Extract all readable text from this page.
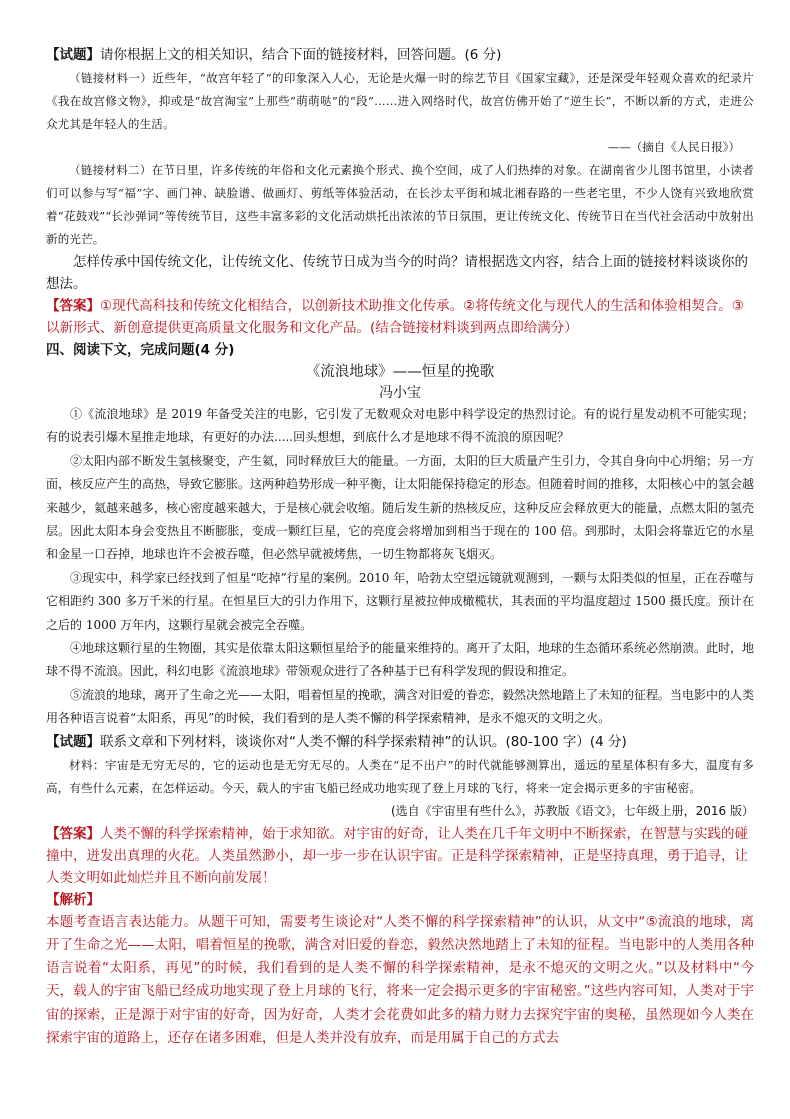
【试题】请你根据上文的相关知识，结合下面的链接材料，回答问题。(6 分)

（链接材料一）近些年，“故宫年轻了”的印象深入人心，无论是火爆一时的综艺节目《国家宝藏》，还是深受年轻观众喜欢的纪录片《我在故宫修文物》，抑或是“故宫淘宝”上那些“萌萌哒”的“段”……进入网络时代，故宫仿佛开始了“逆生长”，不断以新的方式，走进公众尤其是年轻人的生活。

——（摘自《人民日报》）

（链接材料二）在节日里，许多传统的年俗和文化元素换个形式、换个空间，成了人们热捧的对象。在湖南省少儿图书馆里，小读者们可以参与写“福”字、画门神、缺脸谱、做画灯、剪纸等体验活动，在长沙太平街和城北湘春路的一些老宅里，不少人饶有兴致地欣赏着“花鼓戏”“长沙弹词”等传统节目，这些丰富多彩的文化活动烘托出浓浓的节日氛围，更让传统文化、传统节日在当代社会活动中放射出新的光芒。

怎样传承中国传统文化，让传统文化、传统节日成为当今的时尚？请根据选文内容，结合上面的链接材料谈谈你的想法。

【答案】①现代高科技和传统文化相结合，以创新技术助推文化传承。②将传统文化与现代人的生活和体验相契合。③以新形式、新创意提供更高质量文化服务和文化产品。(结合链接材料谈到两点即给满分）

四、阅读下文，完成问题(4 分)

《流浪地球》——恒星的挽歌

冯小宝

①《流浪地球》是 2019 年备受关注的电影，它引发了无数观众对电影中科学设定的热烈讨论。有的说行星发动机不可能实现；有的说表引爆木星推走地球，有更好的办法.....回头想想，到底什么才是地球不得不流浪的原因呢？

②太阳内部不断发生氢核聚变，产生氦，同时释放巨大的能量。一方面，太阳的巨大质量产生引力，令其自身向中心坍缩；另一方面，核反应产生的高热，导致它膨胀。这两种趋势形成一种平衡，让太阳能保持稳定的形态。但随着时间的推移，太阳核心中的氢会越来越少，氦越来越多，核心密度越来越大，于是核心就会收缩。随后发生新的热核反应，这种反应会释放更大的能量，点燃太阳的氢壳层。因此太阳本身会变热且不断膨胀，变成一颗红巨星，它的亮度会将增加到相当于现在的 100 倍。到那时，太阳会将靠近它的水星和金星一口吞掉，地球也许不会被吞噬，但必然早就被烤焦，一切生物都将灰飞烟灭。

③现实中，科学家已经找到了恒星“吃掉”行星的案例。2010 年，哈勃太空望远镜就观测到，一颗与太阳类似的恒星，正在吞噬与它相距约 300 多万千米的行星。在恒星巨大的引力作用下，这颗行星被拉伸成橄榄状，其表面的平均温度超过 1500 摄氏度。预计在之后的 1000 万年内，这颗行星就会被完全吞噬。

④地球这颗行星的生物圈，其实是依靠太阳这颗恒星给予的能量来维持的。离开了太阳，地球的生态循环系统必然崩溃。此时，地球不得不流浪。因此，科幻电影《流浪地球》带领观众进行了各种基于已有科学发现的假设和推定。

⑤流浪的地球，离开了生命之光——太阳，唱着恒星的挽歌，满含对旧爱的眷恋，毅然决然地踏上了未知的征程。当电影中的人类用各种语言说着“太阳系，再见”的时候，我们看到的是人类不懈的科学探索精神，是永不熄灭的文明之火。

【试题】联系文章和下列材料，谈谈你对“人类不懈的科学探索精神”的认识。(80-100 字）(4 分)

材料：宇宙是无穷无尽的，它的运动也是无穷无尽的。人类在“足不出户”的时代就能够测算出，遥远的星星体积有多大，温度有多高，有些什么元素，在怎样运动。今天，载人的宇宙飞船已经成功地实现了登上月球的飞行，将来一定会揭示更多的宇宙秘密。

(选自《宇宙里有些什么》，苏教版《语文》，七年级上册，2016 版）

【答案】人类不懈的科学探索精神，始于求知欲。对宇宙的好奇，让人类在几千年文明中不断探索，在智慧与实践的碰撞中，迸发出真理的火花。人类虽然渺小，却一步一步在认识宇宙。正是科学探索精神，正是坚持真理，勇于追寻，让人类文明如此灿烂并且不断向前发展！

【解析】

本题考查语言表达能力。从题干可知，需要考生谈论对“人类不懈的科学探索精神”的认识，从文中“⑤流浪的地球，离开了生命之光——太阳，唱着恒星的挽歌，满含对旧爱的眷恋，毅然决然地踏上了未知的征程。当电影中的人类用各种语言说着“太阳系，再见”的时候，我们看到的是人类不懈的科学探索精神，是永不熄灭的文明之火。”以及材料中“今天，载人的宇宙飞船已经成功地实现了登上月球的飞行，将来一定会揭示更多的宇宙秘密。”这些内容可知，人类对于宇宙的探索，正是源于对宇宙的好奇，因为好奇，人类才会花费如此多的精力财力去探究宇宙的奥秘，虽然现如今人类在探索宇宙的道路上，还存在诸多困难，但是人类并没有放弃，而是用属于自己的方式去
